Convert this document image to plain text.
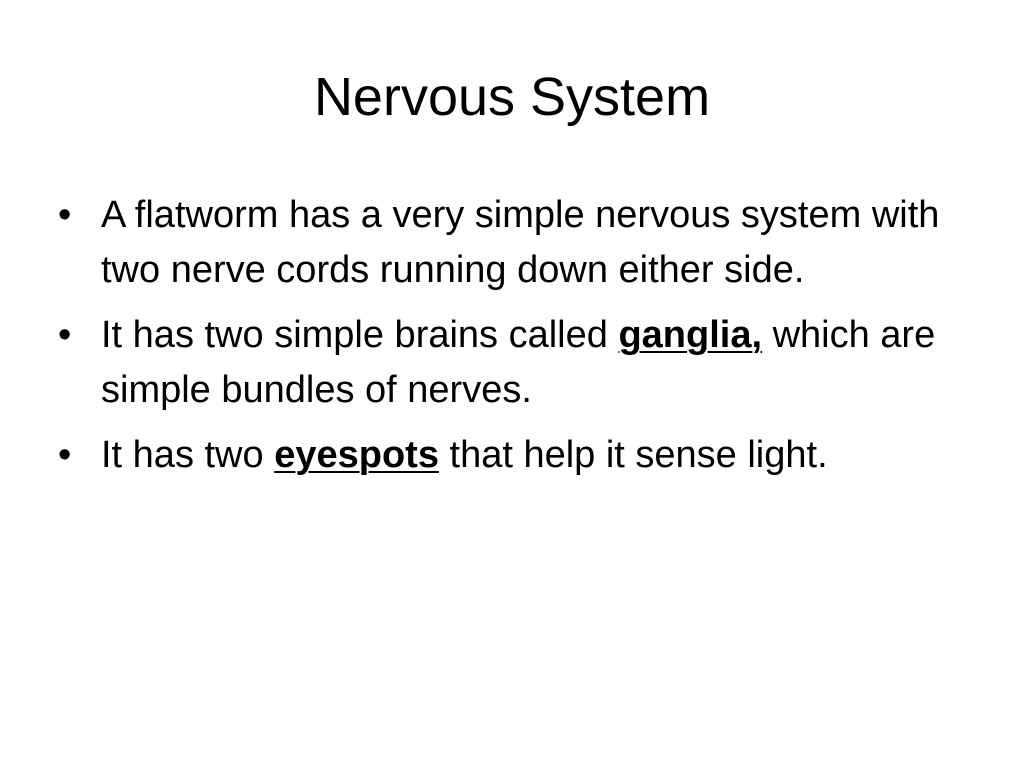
Nervous System
• A flatworm has a very simple nervous system with two nerve cords running down either side.
• It has two simple brains called ganglia, which are simple bundles of nerves.
• It has two eyespots that help it sense light.
